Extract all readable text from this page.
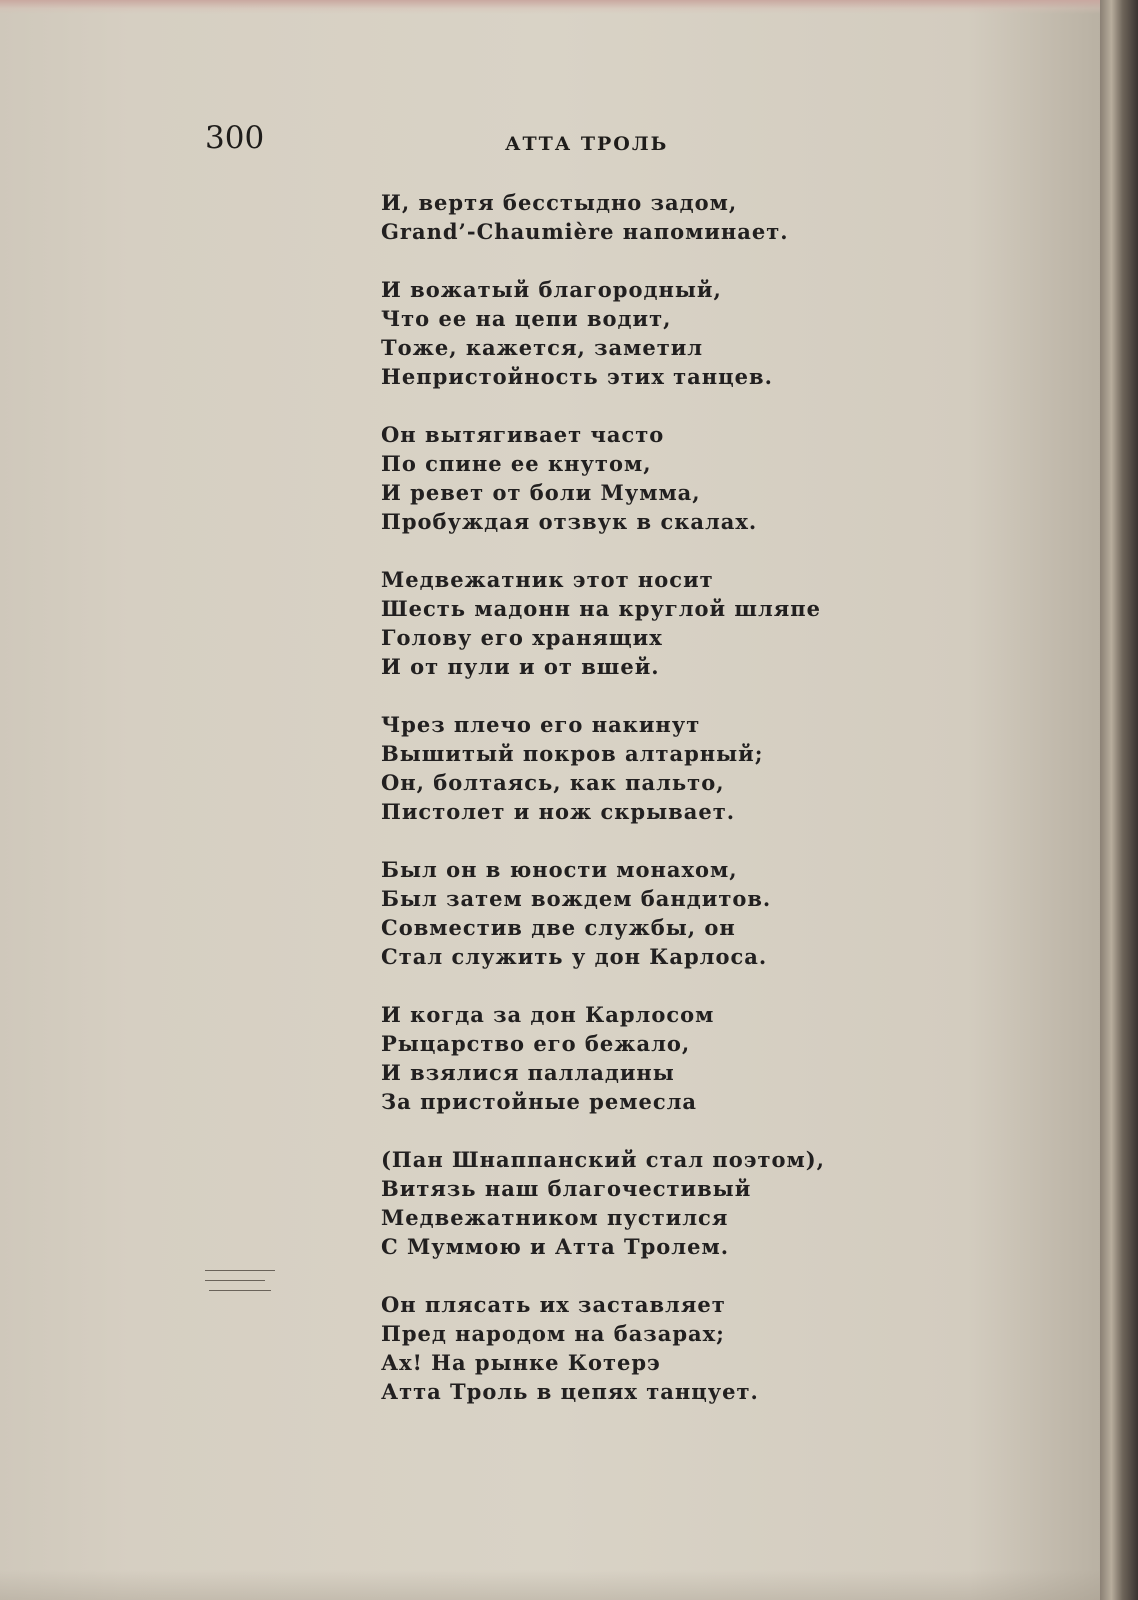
300	АТТА ТРОЛЬ
И, вертя бесстыдно задом,
Grand’-Chaumière напоминает.
И вожатый благородный,
Что ее на цепи водит,
Тоже, кажется, заметил
Непристойность этих танцев.
Он вытягивает часто
По спине ее кнутом,
И ревет от боли Мумма,
Пробуждая отзвук в скалах.
Медвежатник этот носит
Шесть мадонн на круглой шляпе
Голову его хранящих
И от пули и от вшей.
Чрез плечо его накинут
Вышитый покров алтарный;
Он, болтаясь, как пальто,
Пистолет и нож скрывает.
Был он в юности монахом,
Был затем вождем бандитов.
Совместив две службы, он
Стал служить у дон Карлоса.
И когда за дон Карлосом
Рыцарство его бежало,
И взялися палладины
За пристойные ремесла
(Пан Шнаппанский стал поэтом),
Витязь наш благочестивый
Медвежатником пустился
С Муммою и Атта Тролем.
Он плясать их заставляет
Пред народом на базарах;
Ах! На рынке Котерэ
Атта Троль в цепях танцует.
